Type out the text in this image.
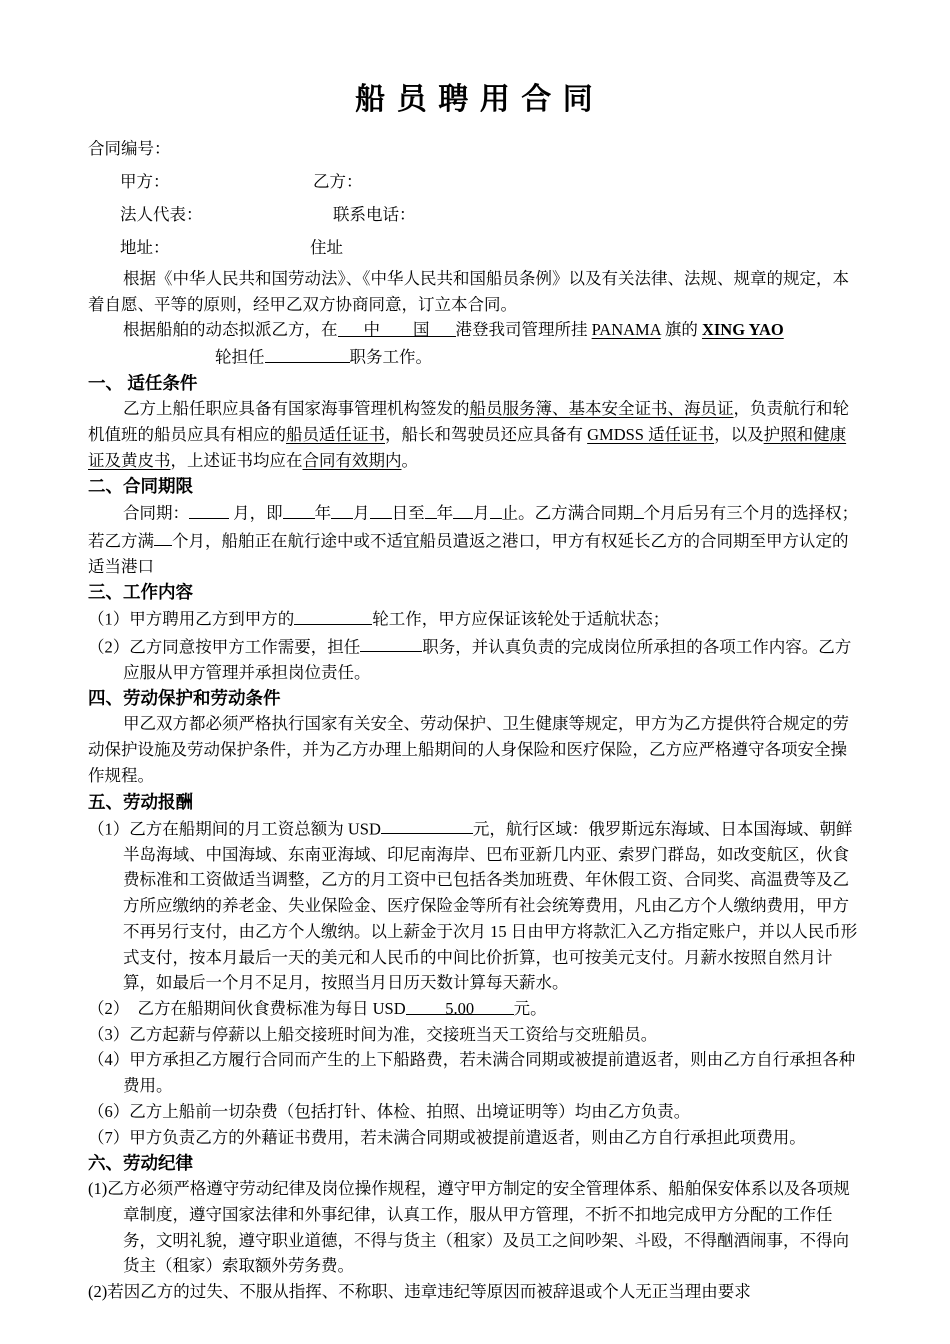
船 员 聘 用 合 同
合同编号：
甲方：	乙方：
法人代表：	联系电话：
地址：	住址
根据《中华人民共和国劳动法》、《中华人民共和国船员条例》以及有关法律、法规、规章的规定，本着自愿、平等的原则，经甲乙双方协商同意，订立本合同。
根据船舶的动态拟派乙方，在 中　　国 港登我司管理所挂 PANAMA 旗的 XING YAO
轮担任	职务工作。
一、 适任条件
乙方上船任职应具备有国家海事管理机构签发的船员服务簿、基本安全证书、海员证，负责航行和轮机值班的船员应具有相应的船员适任证书，船长和驾驶员还应具备有 GMDSS 适任证书，以及护照和健康证及黄皮书，上述证书均应在合同有效期内。
二、合同期限
合同期： 月，即 年 月 日至 年 月 止。乙方满合同期 个月后另有三个月的选择权；若乙方满 个月，船舶正在航行途中或不适宜船员遣返之港口，甲方有权延长乙方的合同期至甲方认定的适当港口
三、工作内容
（1）甲方聘用乙方到甲方的	轮工作，甲方应保证该轮处于适航状态；
（2）乙方同意按甲方工作需要，担任	职务，并认真负责的完成岗位所承担的各项工作内容。乙方应服从甲方管理并承担岗位责任。
四、劳动保护和劳动条件
甲乙双方都必须严格执行国家有关安全、劳动保护、卫生健康等规定，甲方为乙方提供符合规定的劳动保护设施及劳动保护条件，并为乙方办理上船期间的人身保险和医疗保险，乙方应严格遵守各项安全操作规程。
五、劳动报酬
（1）乙方在船期间的月工资总额为 USD	元，航行区域：俄罗斯远东海域、日本国海域、朝鲜半岛海域、中国海域、东南亚海域、印尼南海岸、巴布亚新几内亚、索罗门群岛，如改变航区，伙食费标准和工资做适当调整，乙方的月工资中已包括各类加班费、年休假工资、合同奖、高温费等及乙方所应缴纳的养老金、失业保险金、医疗保险金等所有社会统筹费用，凡由乙方个人缴纳费用，甲方不再另行支付，由乙方个人缴纳。以上薪金于次月 15 日由甲方将款汇入乙方指定账户，并以人民币形式支付，按本月最后一天的美元和人民币的中间比价折算，也可按美元支付。月薪水按照自然月计算，如最后一个月不足月，按照当月日历天数计算每天薪水。
（2）　乙方在船期间伙食费标准为每日 USD 5.00 元。
（3）乙方起薪与停薪以上船交接班时间为准，交接班当天工资给与交班船员。
（4）甲方承担乙方履行合同而产生的上下船路费，若未满合同期或被提前遣返者，则由乙方自行承担各种费用。
（6）乙方上船前一切杂费（包括打针、体检、拍照、出境证明等）均由乙方负责。
（7）甲方负责乙方的外藉证书费用，若未满合同期或被提前遣返者，则由乙方自行承担此项费用。
六、劳动纪律
(1)乙方必须严格遵守劳动纪律及岗位操作规程，遵守甲方制定的安全管理体系、船舶保安体系以及各项规章制度，遵守国家法律和外事纪律，认真工作，服从甲方管理，不折不扣地完成甲方分配的工作任务，文明礼貌，遵守职业道德，不得与货主（租家）及员工之间吵架、斗殴，不得酗酒闹事，不得向货主（租家）索取额外劳务费。
(2)若因乙方的过失、不服从指挥、不称职、违章违纪等原因而被辞退或个人无正当理由要求
